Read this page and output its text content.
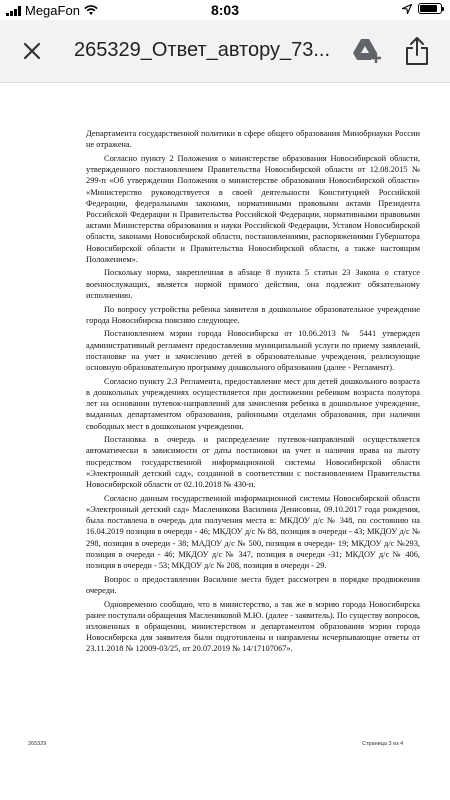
MegaFon	8:03
265329_Ответ_автору_73...

Департамента государственной политики в сфере общего образования Минобрнауки России не отражена.

Согласно пункту 2 Положения о министерстве образования Новосибирской области, утвержденного постановлением Правительства Новосибирской области от 12.08.2015 № 299-п «Об утверждении Положения о министерстве образования Новосибирской области» «Министерство руководствуется в своей деятельности Конституцией Российской Федерации, федеральными законами, нормативными правовыми актами Президента Российской Федерации и Правительства Российской Федерации, нормативными правовыми актами Министерства образования и науки Российской Федерации, Уставом Новосибирской области, законами Новосибирской области, постановлениями, распоряжениями Губернатора Новосибирской области и Правительства Новосибирской области, а также настоящим Положением».

Поскольку норма, закрепленная в абзаце 8 пункта 5 статьи 23 Закона о статусе военнослужащих, является нормой прямого действия, она подлежит обязательному исполнению.

По вопросу устройства ребенка заявителя в дошкольное образовательное учреждение города Новосибирска поясняю следующее.

Постановлением мэрии города Новосибирска от 10.06.2013 № 5441 утвержден административный регламент предоставления муниципальной услуги по приему заявлений, постановке на учет и зачислению детей в образовательные учреждения, реализующие основную образовательную программу дошкольного образования (далее - Регламент).

Согласно пункту 2.3 Регламента, предоставление мест для детей дошкольного возраста в дошкольных учреждениях осуществляется при достижении ребенком возраста полутора лет на основании путевок-направлений для зачисления ребенка в дошкольное учреждение, выданных департаментом образования, районными отделами образования, при наличии свободных мест в дошкольном учреждении.

Постановка в очередь и распределение путевок-направлений осуществляется автоматически в зависимости от даты постановки на учет и наличия права на льготу посредством государственной информационной системы Новосибирской области «Электронный детский сад», созданной в соответствии с постановлением Правительства Новосибирской области от 02.10.2018 № 430-п.

Согласно данным государственной информационной системы Новосибирской области «Электронный детский сад» Масленикова Василина Денисовна, 09.10.2017 года рождения, была поставлена в очередь для получения места в: МКДОУ д/с № 348, по состоянию на 16.04.2019 позиция в очереди - 46; МКДОУ д/с № 88, позиция в очереди - 43; МКДОУ д/с № 298, позиция в очереди - 38; МАДОУ д/с № 500, позиция в очереди- 19; МКДОУ д/с №293, позиция в очереди - 46; МКДОУ д/с № 347, позиция в очереди -31; МКДОУ д/с № 406, позиция в очереди - 53; МКДОУ д/с № 208, позиция в очереди - 29.

Вопрос о предоставлении Василине места будет рассмотрен в порядке продвижения очереди.

Одновременно сообщаю, что в министерство, а так же в мэрию города Новосибирска ранее поступали обращения Маслениковой М.Ю. (далее - заявитель). По существу вопросов, изложенных в обращении, министерством и департаментом образования мэрии города Новосибирска для заявителя были подготовлены и направлены исчерпывающие ответы от 23.11.2018 № 12009-03/25, от 20.07.2019 № 14/17107067».

265329	Страница 3 из 4
